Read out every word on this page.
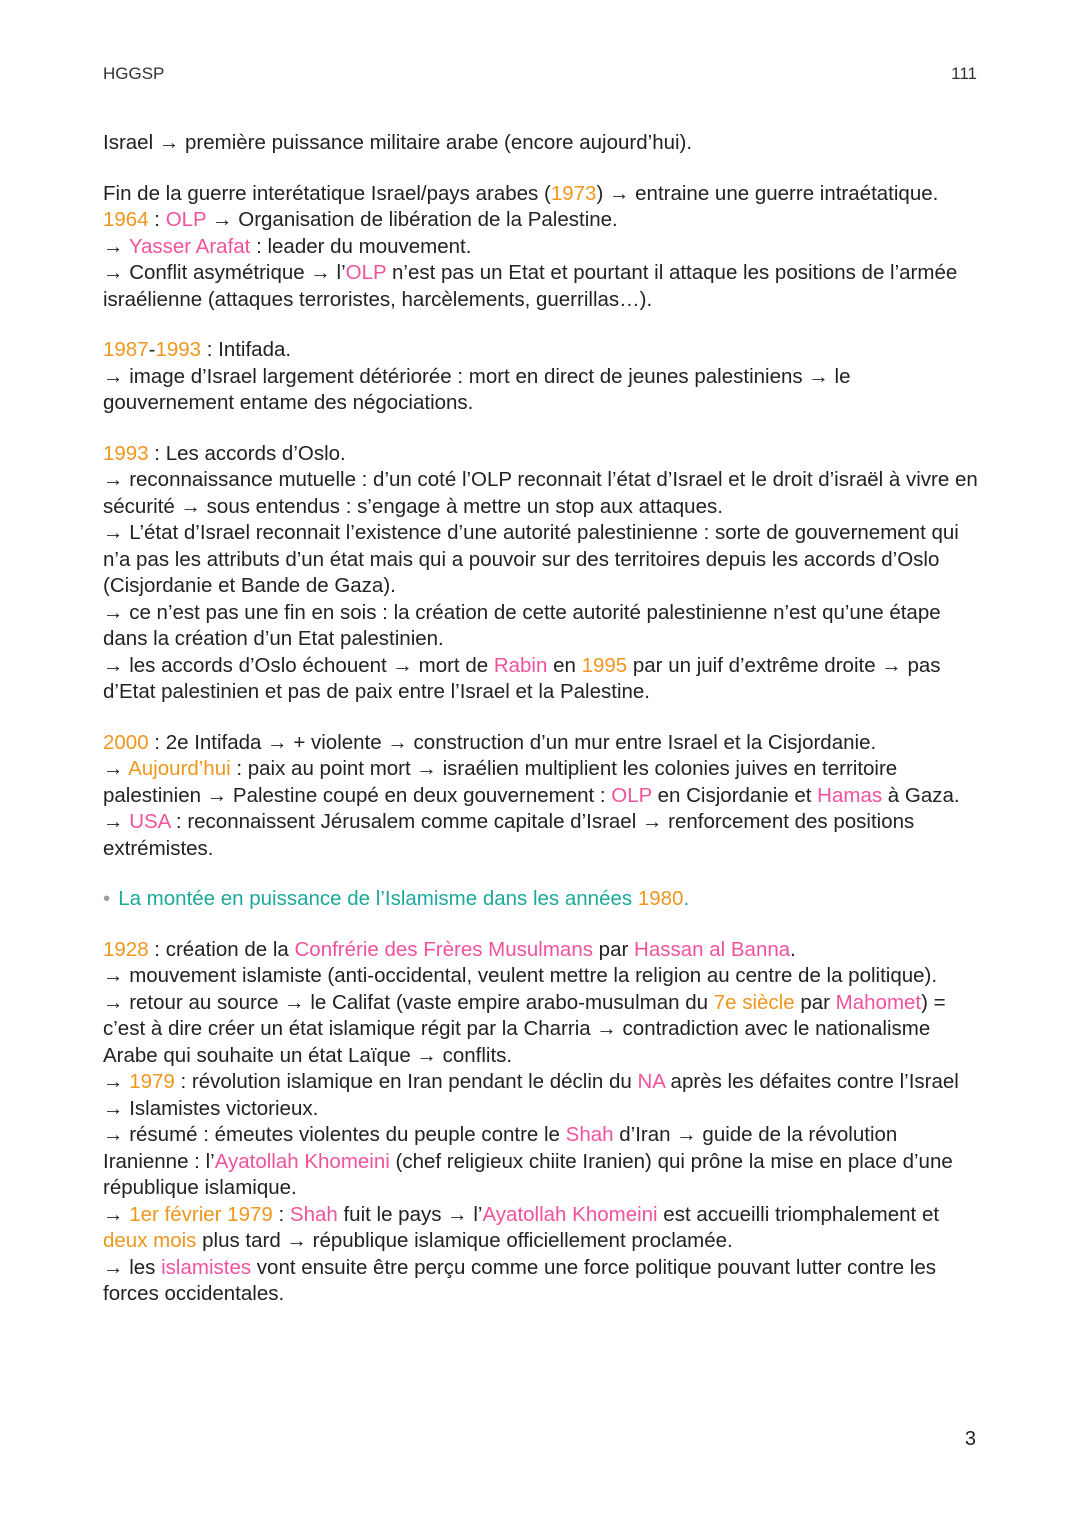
HGGSP	111
Israel → première puissance militaire arabe (encore aujourd’hui).
Fin de la guerre interétatique Israel/pays arabes (1973) → entraine une guerre intraétatique.
1964 : OLP → Organisation de libération de la Palestine.
→ Yasser Arafat : leader du mouvement.
→ Conflit asymétrique → l’OLP n’est pas un Etat et pourtant il attaque les positions de l’armée israélienne (attaques terroristes, harcèlements, guerrillas…).
1987-1993 : Intifada.
→ image d’Israel largement détériorée : mort en direct de jeunes palestiniens → le gouvernement entame des négociations.
1993 : Les accords d’Oslo.
→ reconnaissance mutuelle : d’un coté l’OLP reconnait l’état d’Israel et le droit d’israël à vivre en sécurité → sous entendus : s’engage à mettre un stop aux attaques.
→ L’état d’Israel reconnait l’existence d’une autorité palestinienne : sorte de gouvernement qui n’a pas les attributs d’un état mais qui a pouvoir sur des territoires depuis les accords d’Oslo (Cisjordanie et Bande de Gaza).
→ ce n’est pas une fin en sois : la création de cette autorité palestinienne n’est qu’une étape dans la création d’un Etat palestinien.
→ les accords d’Oslo échouent → mort de Rabin en 1995 par un juif d’extrême droite → pas d’Etat palestinien et pas de paix entre l’Israel et la Palestine.
2000 : 2e Intifada → + violente → construction d’un mur entre Israel et la Cisjordanie.
→ Aujourd’hui : paix au point mort → israélien multiplient les colonies juives en territoire palestinien → Palestine coupé en deux gouvernement : OLP en Cisjordanie et Hamas à Gaza.
→ USA : reconnaissent Jérusalem comme capitale d’Israel → renforcement des positions extrémistes.
• La montée en puissance de l’Islamisme dans les années 1980.
1928 : création de la Confrérie des Frères Musulmans par Hassan al Banna.
→ mouvement islamiste (anti-occidental, veulent mettre la religion au centre de la politique).
→ retour au source → le Califat (vaste empire arabo-musulman du 7e siècle par Mahomet) = c’est à dire créer un état islamique régit par la Charria → contradiction avec le nationalisme Arabe qui souhaite un état Laïque → conflits.
→ 1979 : révolution islamique en Iran pendant le déclin du NA après les défaites contre l’Israel → Islamistes victorieux.
→ résumé : émeutes violentes du peuple contre le Shah d’Iran → guide de la révolution Iranienne : l’Ayatollah Khomeini (chef religieux chiite Iranien) qui prône la mise en place d’une république islamique.
→ 1er février 1979 : Shah fuit le pays → l’Ayatollah Khomeini est accueilli triomphalement et deux mois plus tard → république islamique officiellement proclamée.
→ les islamistes vont ensuite être perçu comme une force politique pouvant lutter contre les forces occidentales.
3
